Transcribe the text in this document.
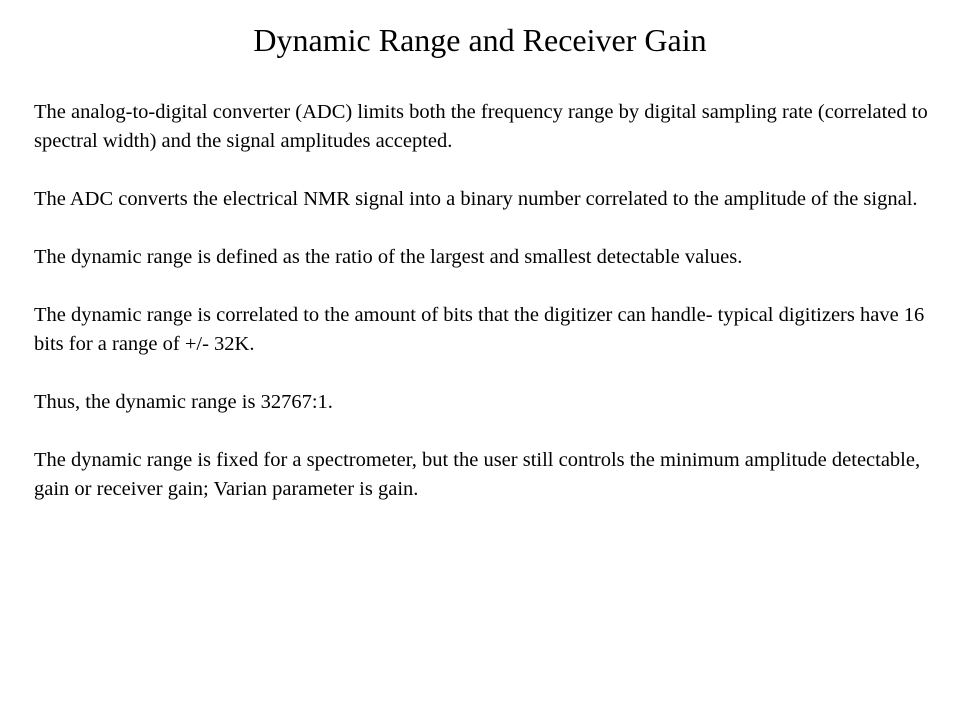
Dynamic Range and Receiver Gain

The analog-to-digital converter (ADC) limits both the frequency range by digital sampling rate (correlated to spectral width) and the signal amplitudes accepted.

The ADC converts the electrical NMR signal into a binary number correlated to the amplitude of the signal.

The dynamic range is defined as the ratio of the largest and smallest detectable values.

The dynamic range is correlated to the amount of bits that the digitizer can handle- typical digitizers have 16 bits for a range of +/- 32K.

Thus, the dynamic range is 32767:1.

The dynamic range is fixed for a spectrometer, but the user still controls the minimum amplitude detectable, gain or receiver gain; Varian parameter is gain.
